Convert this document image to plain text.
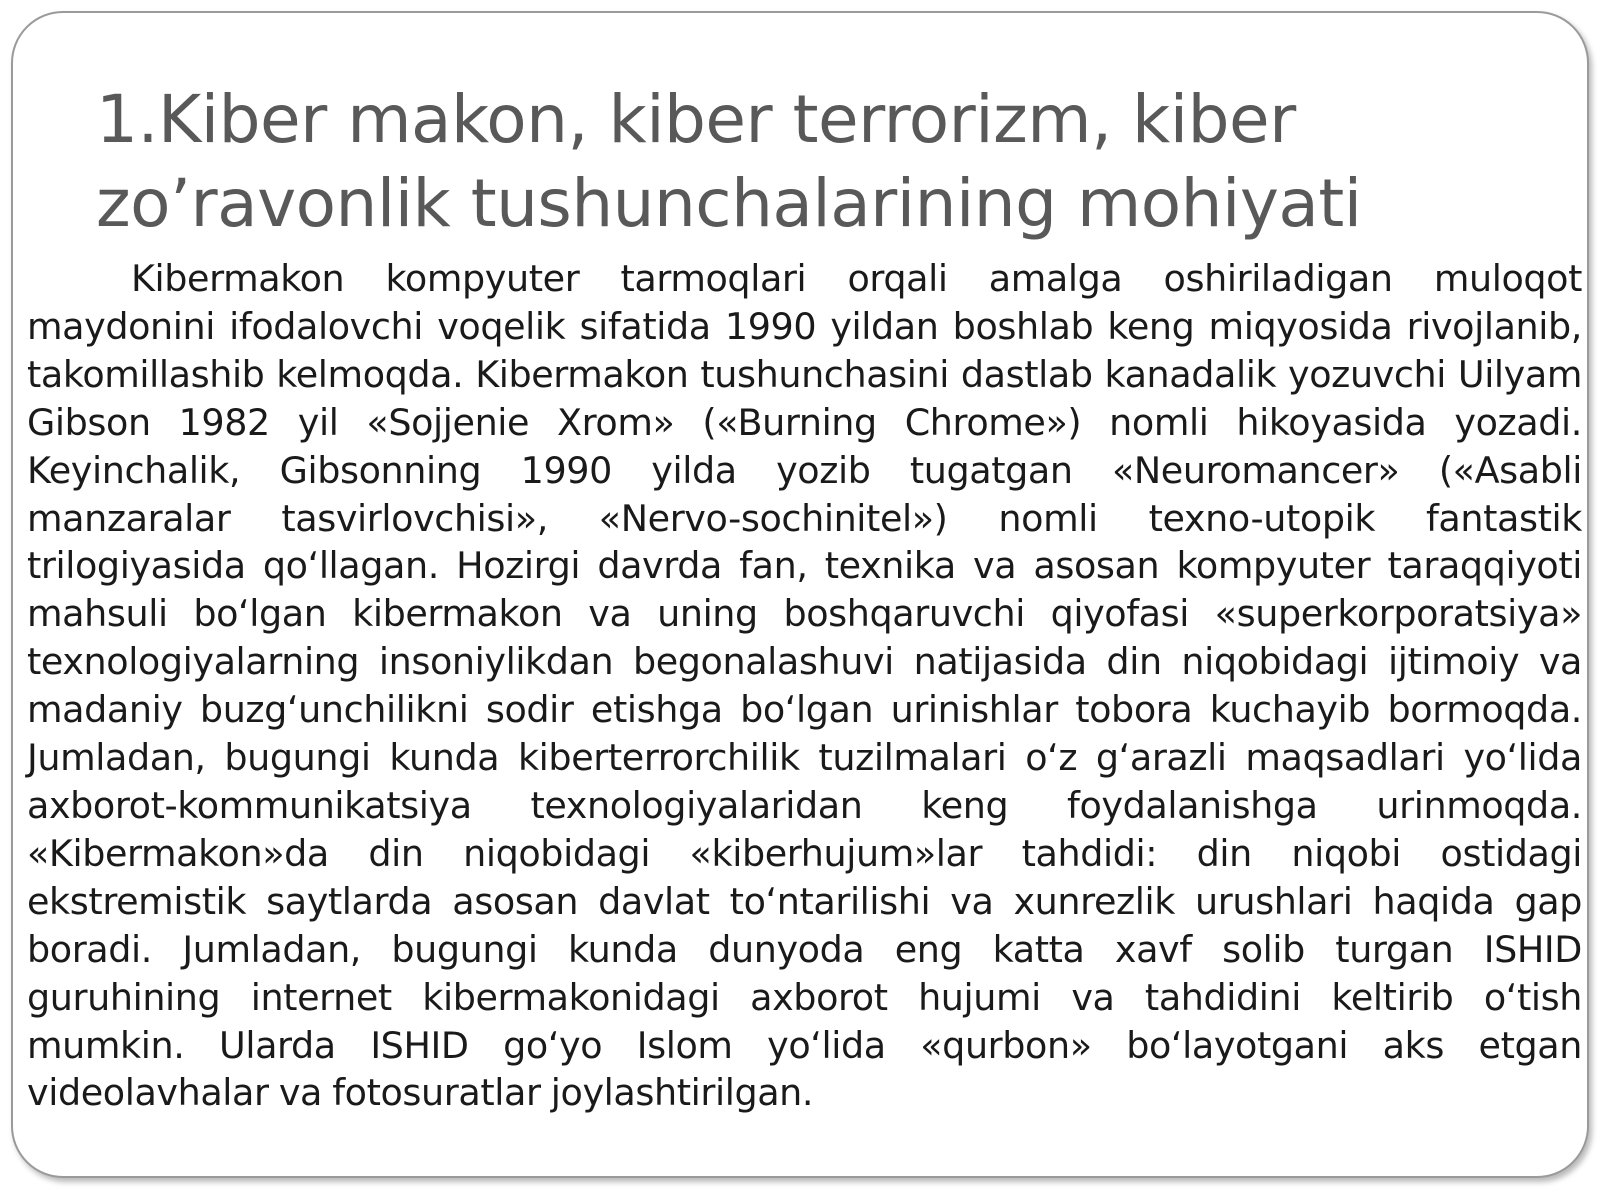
1.Kiber makon, kiber terrorizm, kiber zo’ravonlik tushunchalarining mohiyati

Kibermakon kompyuter tarmoqlari orqali amalga oshiriladigan muloqot maydonini ifodalovchi voqelik sifatida 1990 yildan boshlab keng miqyosida rivojlanib, takomillashib kelmoqda. Kibermakon tushunchasini dastlab kanadalik yozuvchi Uilyam Gibson 1982 yil «Sojjenie Xrom» («Burning Chrome») nomli hikoyasida yozadi. Keyinchalik, Gibsonning 1990 yilda yozib tugatgan «Neuromancer» («Asabli manzaralar tasvirlovchisi», «Nervo-sochinitel») nomli texno-utopik fantastik trilogiyasida qoʻllagan. Hozirgi davrda fan, texnika va asosan kompyuter taraqqiyoti mahsuli boʻlgan kibermakon va uning boshqaruvchi qiyofasi «superkorporatsiya» texnologiyalarning insoniylikdan begonalashuvi natijasida din niqobidagi ijtimoiy va madaniy buzgʻunchilikni sodir etishga boʻlgan urinishlar tobora kuchayib bormoqda. Jumladan, bugungi kunda kiberterrorchilik tuzilmalari oʻz gʻarazli maqsadlari yoʻlida axborot-kommunikatsiya texnologiyalaridan keng foydalanishga urinmoqda. «Kibermakon»da din niqobidagi «kiberhujum»lar tahdidi: din niqobi ostidagi ekstremistik saytlarda asosan davlat toʻntarilishi va xunrezlik urushlari haqida gap boradi. Jumladan, bugungi kunda dunyoda eng katta xavf solib turgan ISHID guruhining internet kibermakonidagi axborot hujumi va tahdidini keltirib oʻtish mumkin. Ularda ISHID goʻyo Islom yoʻlida «qurbon» boʻlayotgani aks etgan videolavhalar va fotosuratlar joylashtirilgan.
